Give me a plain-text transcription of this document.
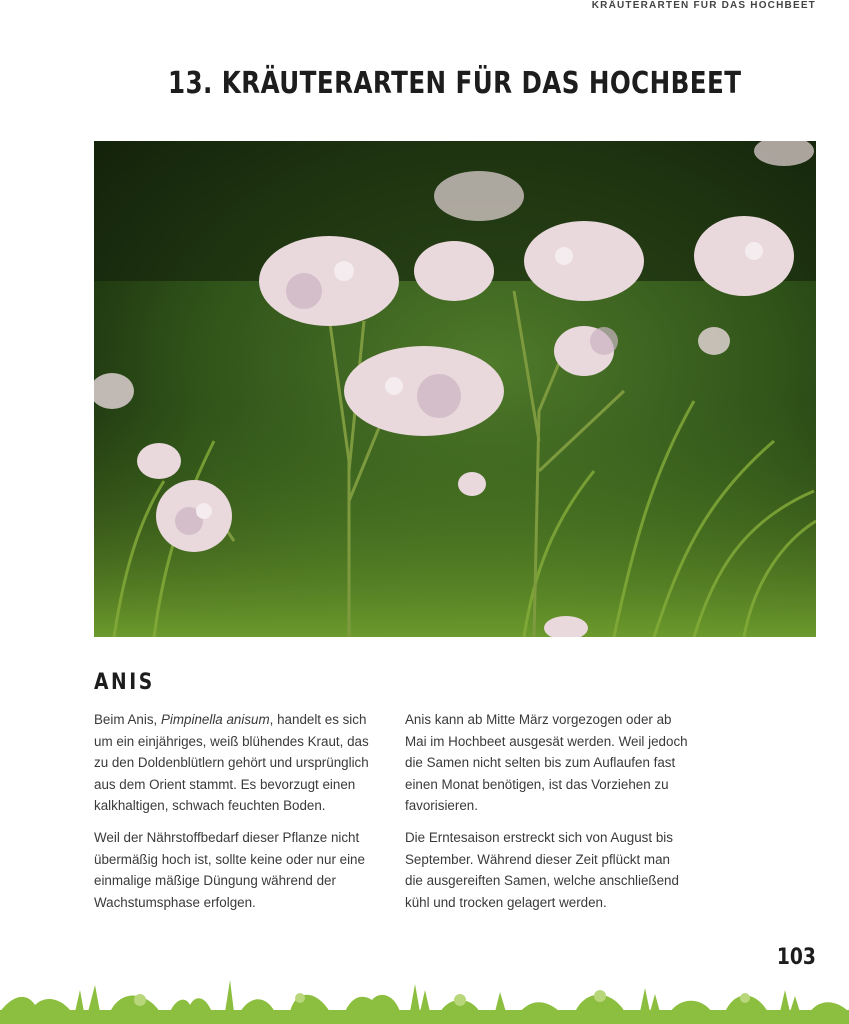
KRÄUTERARTEN FÜR DAS HOCHBEET
13. KRÄUTERARTEN FÜR DAS HOCHBEET
ANIS

Beim Anis, Pimpinella anisum, handelt es sich um ein einjähriges, weiß blühendes Kraut, das zu den Doldenblütlern gehört und ursprünglich aus dem Orient stammt. Es bevorzugt einen kalkhaltigen, schwach feuchten Boden.

Weil der Nährstoffbedarf dieser Pflanze nicht übermäßig hoch ist, sollte keine oder nur eine einmalige mäßige Düngung während der Wachstumsphase erfolgen.

Anis kann ab Mitte März vorgezogen oder ab Mai im Hochbeet ausgesät werden. Weil jedoch die Samen nicht selten bis zum Auflaufen fast einen Monat benötigen, ist das Vorziehen zu favorisieren.

Die Erntesaison erstreckt sich von August bis September. Während dieser Zeit pflückt man die ausgereiften Samen, welche anschließend kühl und trocken gelagert werden.

103
